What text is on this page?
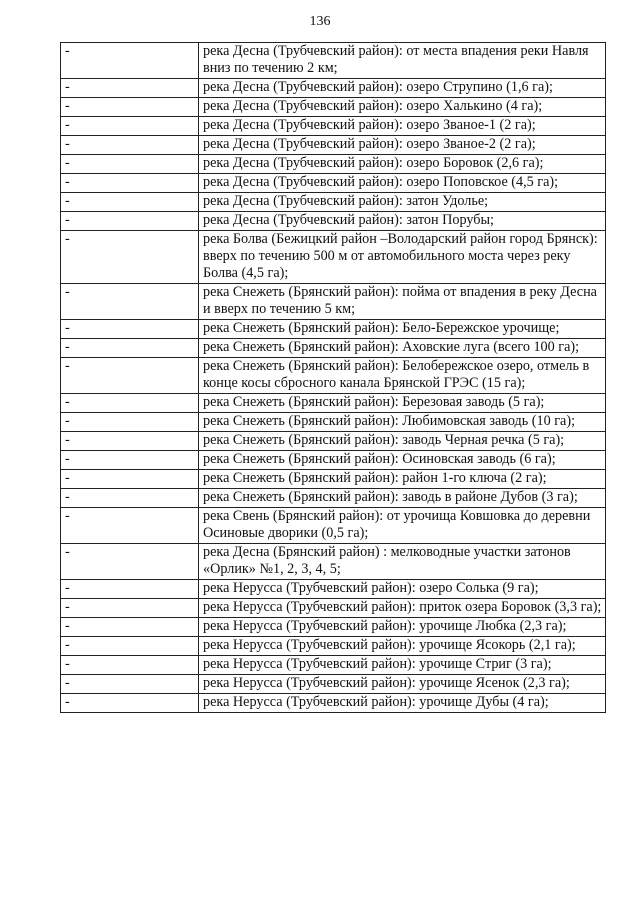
136
-	река Десна (Трубчевский район): от места впадения реки Навля вниз по течению 2 км;
-	река Десна (Трубчевский район): озеро Струпино (1,6 га);
-	река Десна (Трубчевский район): озеро Халькино (4 га);
-	река Десна (Трубчевский район): озеро Званое-1 (2 га);
-	река Десна (Трубчевский район): озеро Званое-2 (2 га);
-	река Десна (Трубчевский район): озеро Боровок (2,6 га);
-	река Десна (Трубчевский район): озеро Поповское (4,5 га);
-	река Десна (Трубчевский район): затон Удолье;
-	река Десна (Трубчевский район): затон Порубы;
-	река Болва (Бежицкий район –Володарский район город Брянск): вверх по течению 500 м от автомобильного моста через реку Болва (4,5 га);
-	река Снежеть (Брянский район): пойма от впадения в реку Десна и вверх по течению 5 км;
-	река Снежеть (Брянский район): Бело-Бережское урочище;
-	река Снежеть (Брянский район): Аховские луга (всего 100 га);
-	река Снежеть (Брянский район): Белобережское озеро, отмель в конце косы сбросного канала Брянской ГРЭС (15 га);
-	река Снежеть (Брянский район): Березовая заводь (5 га);
-	река Снежеть (Брянский район): Любимовская заводь (10 га);
-	река Снежеть (Брянский район): заводь Черная речка (5 га);
-	река Снежеть (Брянский район): Осиновская заводь (6 га);
-	река Снежеть (Брянский район): район 1-го ключа (2 га);
-	река Снежеть (Брянский район): заводь в районе Дубов (3 га);
-	река Свень (Брянский район): от урочища Ковшовка до деревни Осиновые дворики (0,5 га);
-	река Десна (Брянский район) : мелководные участки затонов «Орлик» №1, 2, 3, 4, 5;
-	река Нерусса (Трубчевский район): озеро Солька (9 га);
-	река Нерусса (Трубчевский район): приток озера Боровок (3,3 га);
-	река Нерусса (Трубчевский район): урочище Любка (2,3 га);
-	река Нерусса (Трубчевский район): урочище Ясокорь (2,1 га);
-	река Нерусса (Трубчевский район): урочище Стриг (3 га);
-	река Нерусса (Трубчевский район): урочище Ясенок (2,3 га);
-	река Нерусса (Трубчевский район): урочище Дубы (4 га);
